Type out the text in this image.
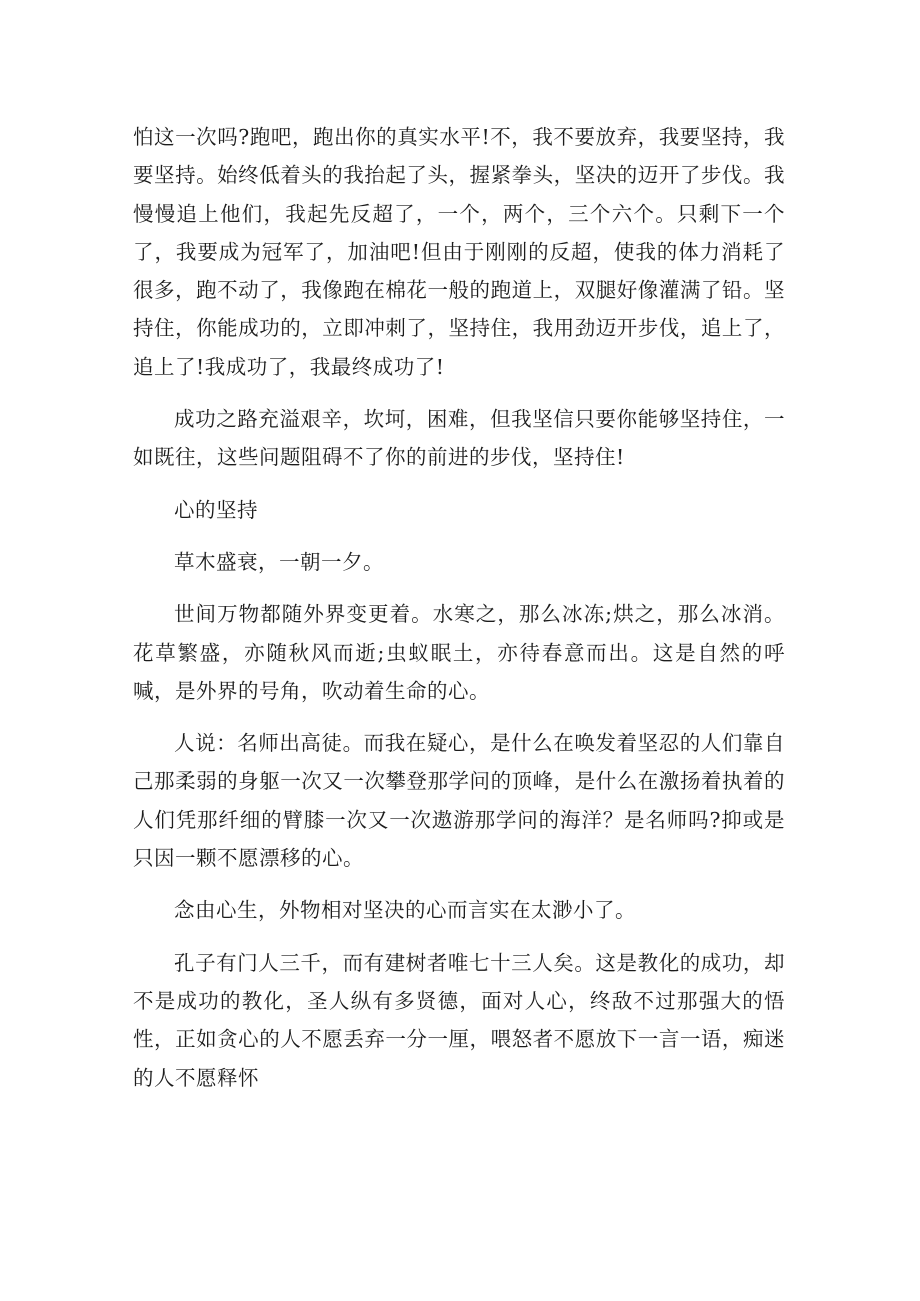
怕这一次吗?跑吧，跑出你的真实水平!不，我不要放弃，我要坚持，我要坚持。始终低着头的我抬起了头，握紧拳头，坚决的迈开了步伐。我慢慢追上他们，我起先反超了，一个，两个，三个六个。只剩下一个了，我要成为冠军了，加油吧!但由于刚刚的反超，使我的体力消耗了很多，跑不动了，我像跑在棉花一般的跑道上，双腿好像灌满了铅。坚持住，你能成功的，立即冲刺了，坚持住，我用劲迈开步伐，追上了，追上了!我成功了，我最终成功了!

成功之路充溢艰辛，坎坷，困难，但我坚信只要你能够坚持住，一如既往，这些问题阻碍不了你的前进的步伐，坚持住!

心的坚持

草木盛衰，一朝一夕。

世间万物都随外界变更着。水寒之，那么冰冻;烘之，那么冰消。花草繁盛，亦随秋风而逝;虫蚁眠土，亦待春意而出。这是自然的呼喊，是外界的号角，吹动着生命的心。

人说：名师出高徒。而我在疑心，是什么在唤发着坚忍的人们靠自己那柔弱的身躯一次又一次攀登那学问的顶峰，是什么在激扬着执着的人们凭那纤细的臂膝一次又一次遨游那学问的海洋？是名师吗?抑或是只因一颗不愿漂移的心。

念由心生，外物相对坚决的心而言实在太渺小了。

孔子有门人三千，而有建树者唯七十三人矣。这是教化的成功，却不是成功的教化，圣人纵有多贤德，面对人心，终敌不过那强大的悟性，正如贪心的人不愿丢弃一分一厘，喂怒者不愿放下一言一语，痴迷的人不愿释怀
